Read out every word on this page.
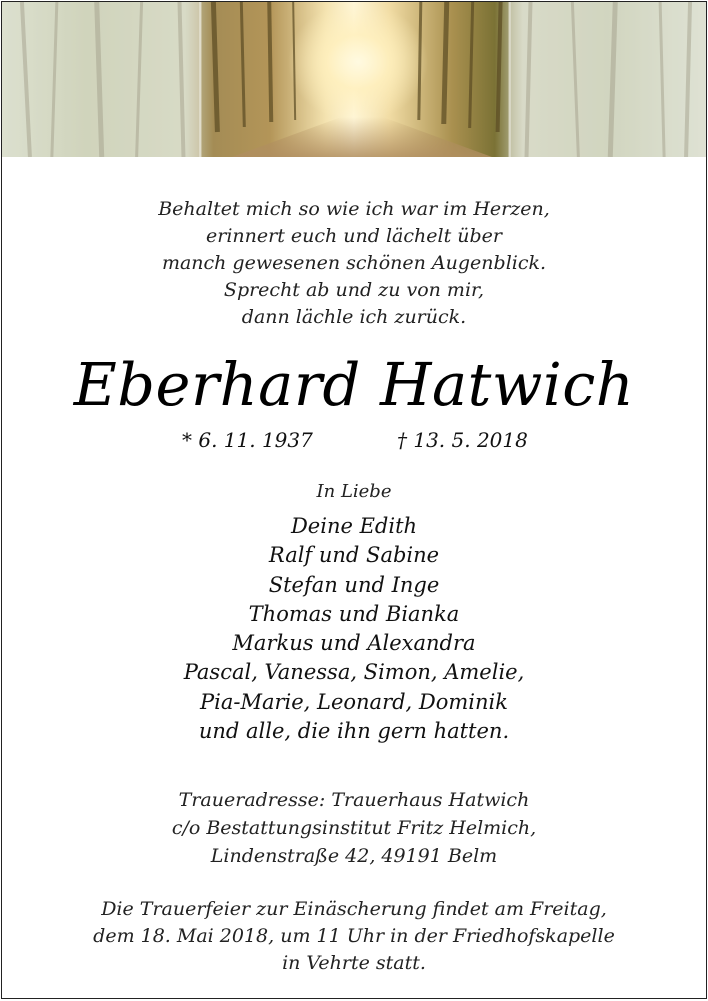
Behaltet mich so wie ich war im Herzen,
erinnert euch und lächelt über
manch gewesenen schönen Augenblick.
Sprecht ab und zu von mir,
dann lächle ich zurück.
Eberhard Hatwich
* 6. 11. 1937	† 13. 5. 2018
In Liebe
Deine Edith
Ralf und Sabine
Stefan und Inge
Thomas und Bianka
Markus und Alexandra
Pascal, Vanessa, Simon, Amelie,
Pia-Marie, Leonard, Dominik
und alle, die ihn gern hatten.
Traueradresse: Trauerhaus Hatwich
c/o Bestattungsinstitut Fritz Helmich,
Lindenstraße 42, 49191 Belm
Die Trauerfeier zur Einäscherung findet am Freitag,
dem 18. Mai 2018, um 11 Uhr in der Friedhofskapelle
in Vehrte statt.
